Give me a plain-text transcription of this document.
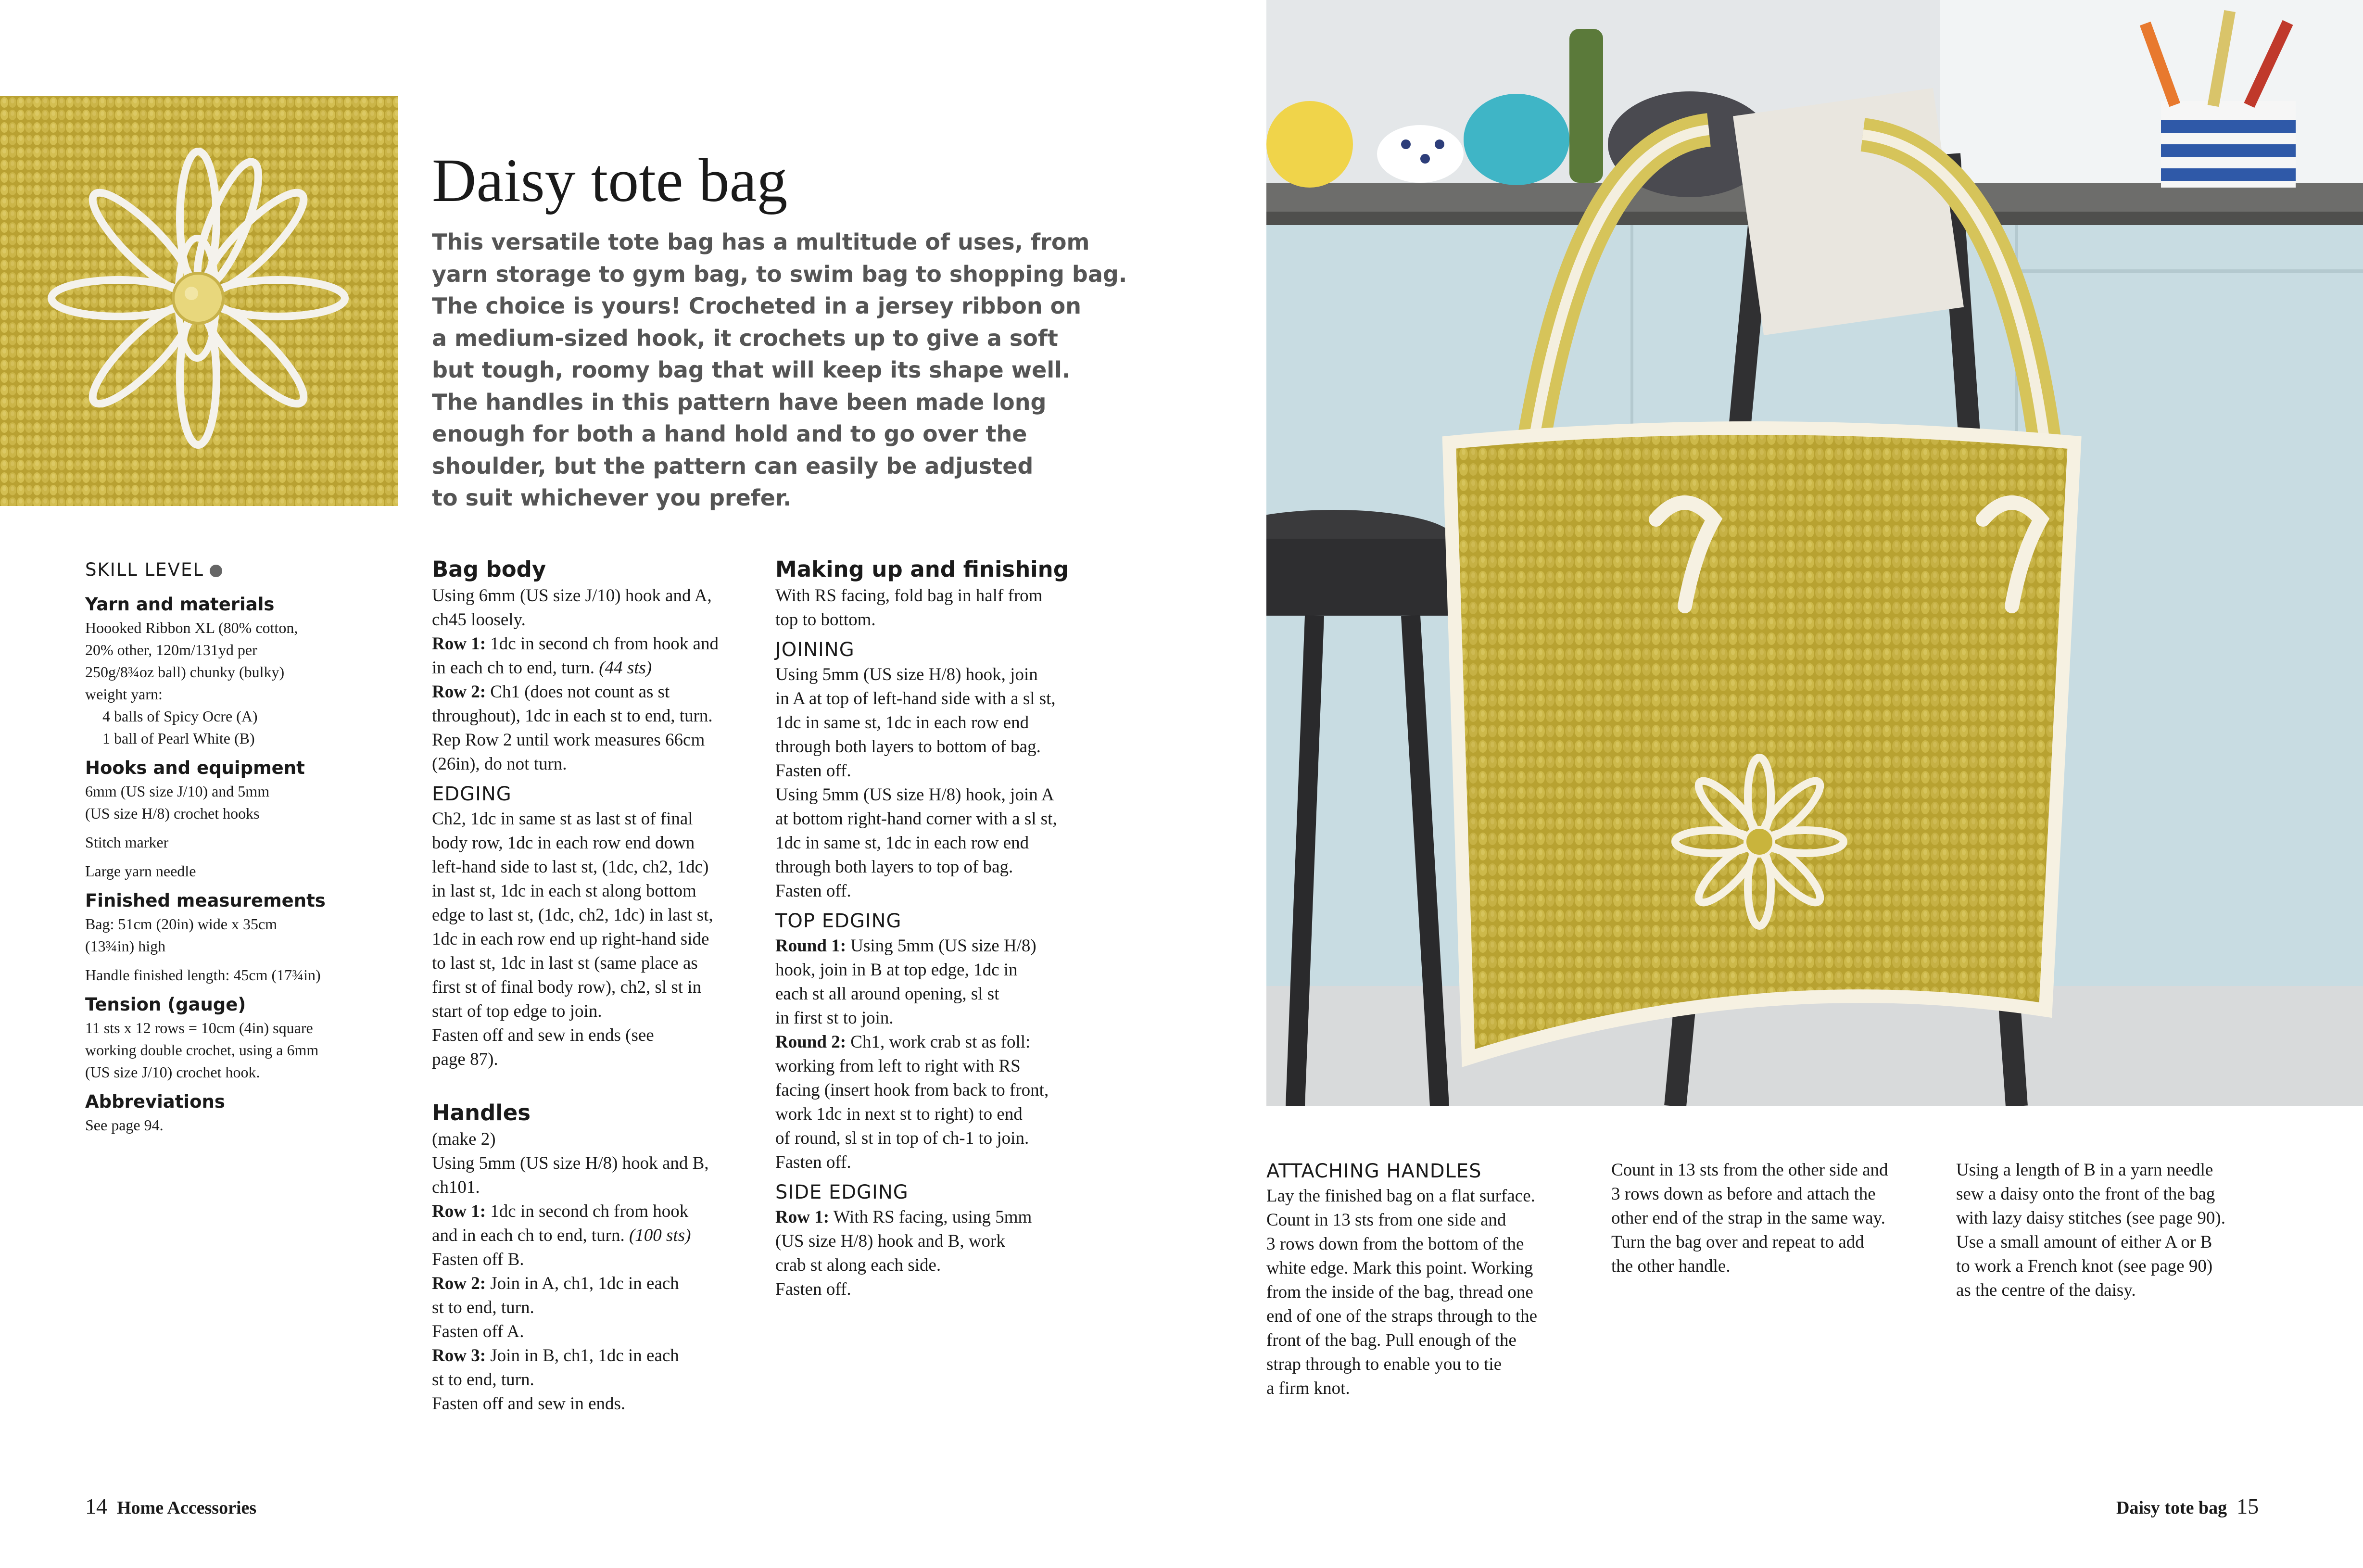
Daisy tote bag
This versatile tote bag has a multitude of uses, from
yarn storage to gym bag, to swim bag to shopping bag.
The choice is yours! Crocheted in a jersey ribbon on
a medium-sized hook, it crochets up to give a soft
but tough, roomy bag that will keep its shape well.
The handles in this pattern have been made long
enough for both a hand hold and to go over the
shoulder, but the pattern can easily be adjusted
to suit whichever you prefer.
SKILL LEVEL

Yarn and materials

Hoooked Ribbon XL (80% cotton,
20% other, 120m/131yd per
250g/8¾oz ball) chunky (bulky)
weight yarn:
4 balls of Spicy Ocre (A)
1 ball of Pearl White (B)

Hooks and equipment

6mm (US size J/10) and 5mm
(US size H/8) crochet hooks
Stitch marker
Large yarn needle

Finished measurements

Bag: 51cm (20in) wide x 35cm
(13¾in) high
Handle finished length: 45cm (17¾in)

Tension (gauge)

11 sts x 12 rows = 10cm (4in) square
working double crochet, using a 6mm
(US size J/10) crochet hook.

Abbreviations

See page 94.
Bag body
Using 6mm (US size J/10) hook and A,
ch45 loosely.
Row 1: 1dc in second ch from hook and
in each ch to end, turn. (44 sts)
Row 2: Ch1 (does not count as st
throughout), 1dc in each st to end, turn.
Rep Row 2 until work measures 66cm
(26in), do not turn.
EDGING
Ch2, 1dc in same st as last st of final
body row, 1dc in each row end down
left-hand side to last st, (1dc, ch2, 1dc)
in last st, 1dc in each st along bottom
edge to last st, (1dc, ch2, 1dc) in last st,
1dc in each row end up right-hand side
to last st, 1dc in last st (same place as
first st of final body row), ch2, sl st in
start of top edge to join.
Fasten off and sew in ends (see
page 87).
Handles
(make 2)
Using 5mm (US size H/8) hook and B,
ch101.
Row 1: 1dc in second ch from hook
and in each ch to end, turn. (100 sts)
Fasten off B.
Row 2: Join in A, ch1, 1dc in each
st to end, turn.
Fasten off A.
Row 3: Join in B, ch1, 1dc in each
st to end, turn.
Fasten off and sew in ends.
Making up and finishing
With RS facing, fold bag in half from
top to bottom.
JOINING
Using 5mm (US size H/8) hook, join
in A at top of left-hand side with a sl st,
1dc in same st, 1dc in each row end
through both layers to bottom of bag.
Fasten off.
Using 5mm (US size H/8) hook, join A
at bottom right-hand corner with a sl st,
1dc in same st, 1dc in each row end
through both layers to top of bag.
Fasten off.
TOP EDGING
Round 1: Using 5mm (US size H/8)
hook, join in B at top edge, 1dc in
each st all around opening, sl st
in first st to join.
Round 2: Ch1, work crab st as foll:
working from left to right with RS
facing (insert hook from back to front,
work 1dc in next st to right) to end
of round, sl st in top of ch-1 to join.
Fasten off.
SIDE EDGING
Row 1: With RS facing, using 5mm
(US size H/8) hook and B, work
crab st along each side.
Fasten off.
ATTACHING HANDLES
Lay the finished bag on a flat surface.
Count in 13 sts from one side and
3 rows down from the bottom of the
white edge. Mark this point. Working
from the inside of the bag, thread one
end of one of the straps through to the
front of the bag. Pull enough of the
strap through to enable you to tie
a firm knot.
Count in 13 sts from the other side and
3 rows down as before and attach the
other end of the strap in the same way.
Turn the bag over and repeat to add
the other handle.
Using a length of B in a yarn needle
sew a daisy onto the front of the bag
with lazy daisy stitches (see page 90).
Use a small amount of either A or B
to work a French knot (see page 90)
as the centre of the daisy.
14 Home Accessories	Daisy tote bag 15
